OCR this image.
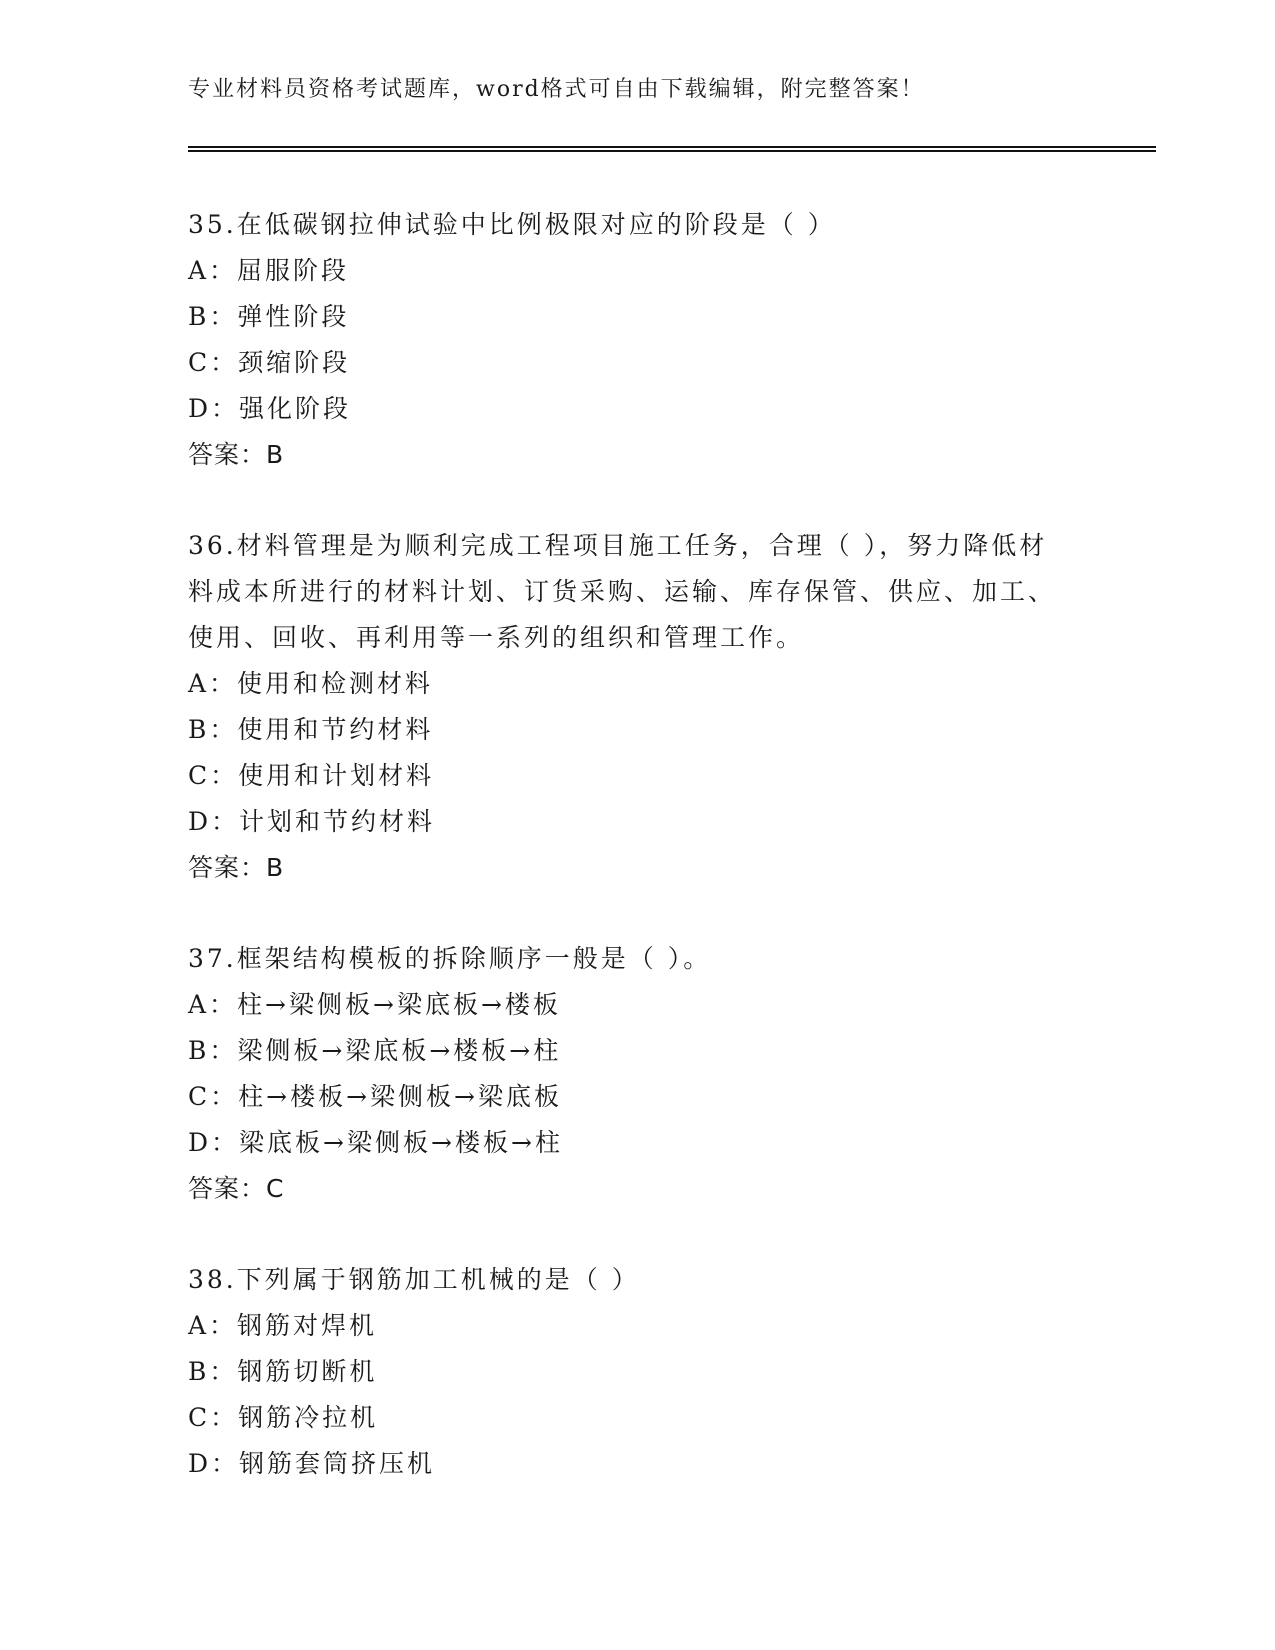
专业材料员资格考试题库，word格式可自由下载编辑，附完整答案！

35.在低碳钢拉伸试验中比例极限对应的阶段是（ ）

A：屈服阶段

B：弹性阶段

C：颈缩阶段

D：强化阶段

答案：B

36.材料管理是为顺利完成工程项目施工任务，合理（ ），努力降低材料成本所进行的材料计划、订货采购、运输、库存保管、供应、加工、使用、回收、再利用等一系列的组织和管理工作。

A：使用和检测材料

B：使用和节约材料

C：使用和计划材料

D：计划和节约材料

答案：B

37.框架结构模板的拆除顺序一般是（ ）。

A：柱→梁侧板→梁底板→楼板

B：梁侧板→梁底板→楼板→柱

C：柱→楼板→梁侧板→梁底板

D：梁底板→梁侧板→楼板→柱

答案：C

38.下列属于钢筋加工机械的是（ ）

A：钢筋对焊机

B：钢筋切断机

C：钢筋冷拉机

D：钢筋套筒挤压机
